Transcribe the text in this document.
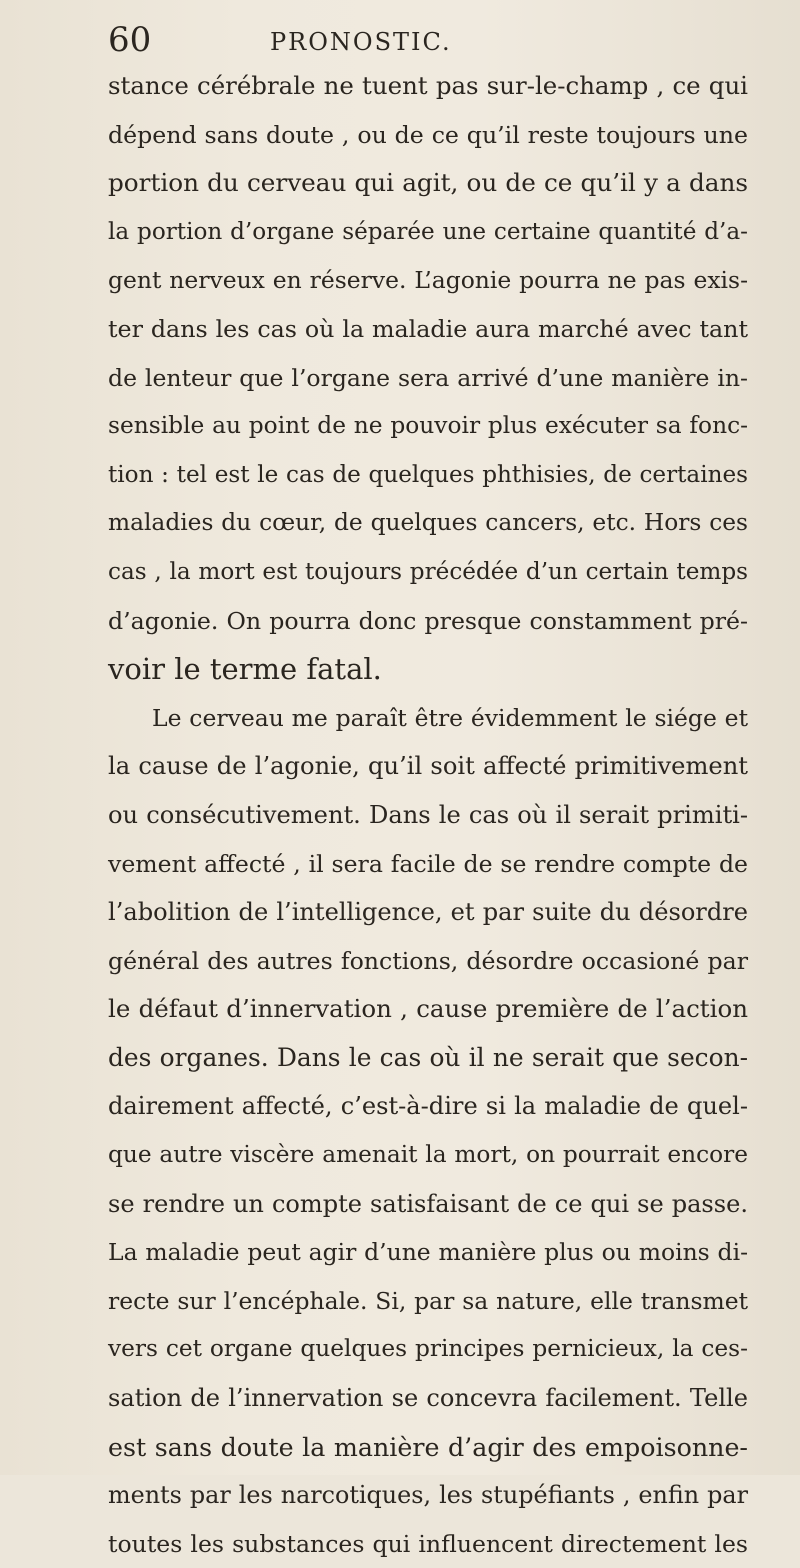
60	PRONOSTIC.
stance cérébrale ne tuent pas sur-le-champ , ce qui
dépend sans doute , ou de ce qu’il reste toujours une
portion du cerveau qui agit, ou de ce qu’il y a dans
la portion d’organe séparée une certaine quantité d’a-
gent nerveux en réserve. L’agonie pourra ne pas exis-
ter dans les cas où la maladie aura marché avec tant
de lenteur que l’organe sera arrivé d’une manière in-
sensible au point de ne pouvoir plus exécuter sa fonc-
tion : tel est le cas de quelques phthisies, de certaines
maladies du cœur, de quelques cancers, etc. Hors ces
cas , la mort est toujours précédée d’un certain temps
d’agonie. On pourra donc presque constamment pré-
voir le terme fatal.
Le cerveau me paraît être évidemment le siége et
la cause de l’agonie, qu’il soit affecté primitivement
ou consécutivement. Dans le cas où il serait primiti-
vement affecté , il sera facile de se rendre compte de
l’abolition de l’intelligence, et par suite du désordre
général des autres fonctions, désordre occasioné par
le défaut d’innervation , cause première de l’action
des organes. Dans le cas où il ne serait que secon-
dairement affecté, c’est-à-dire si la maladie de quel-
que autre viscère amenait la mort, on pourrait encore
se rendre un compte satisfaisant de ce qui se passe.
La maladie peut agir d’une manière plus ou moins di-
recte sur l’encéphale. Si, par sa nature, elle transmet
vers cet organe quelques principes pernicieux, la ces-
sation de l’innervation se concevra facilement. Telle
est sans doute la manière d’agir des empoisonne-
ments par les narcotiques, les stupéfiants , enfin par
toutes les substances qui influencent directement les
